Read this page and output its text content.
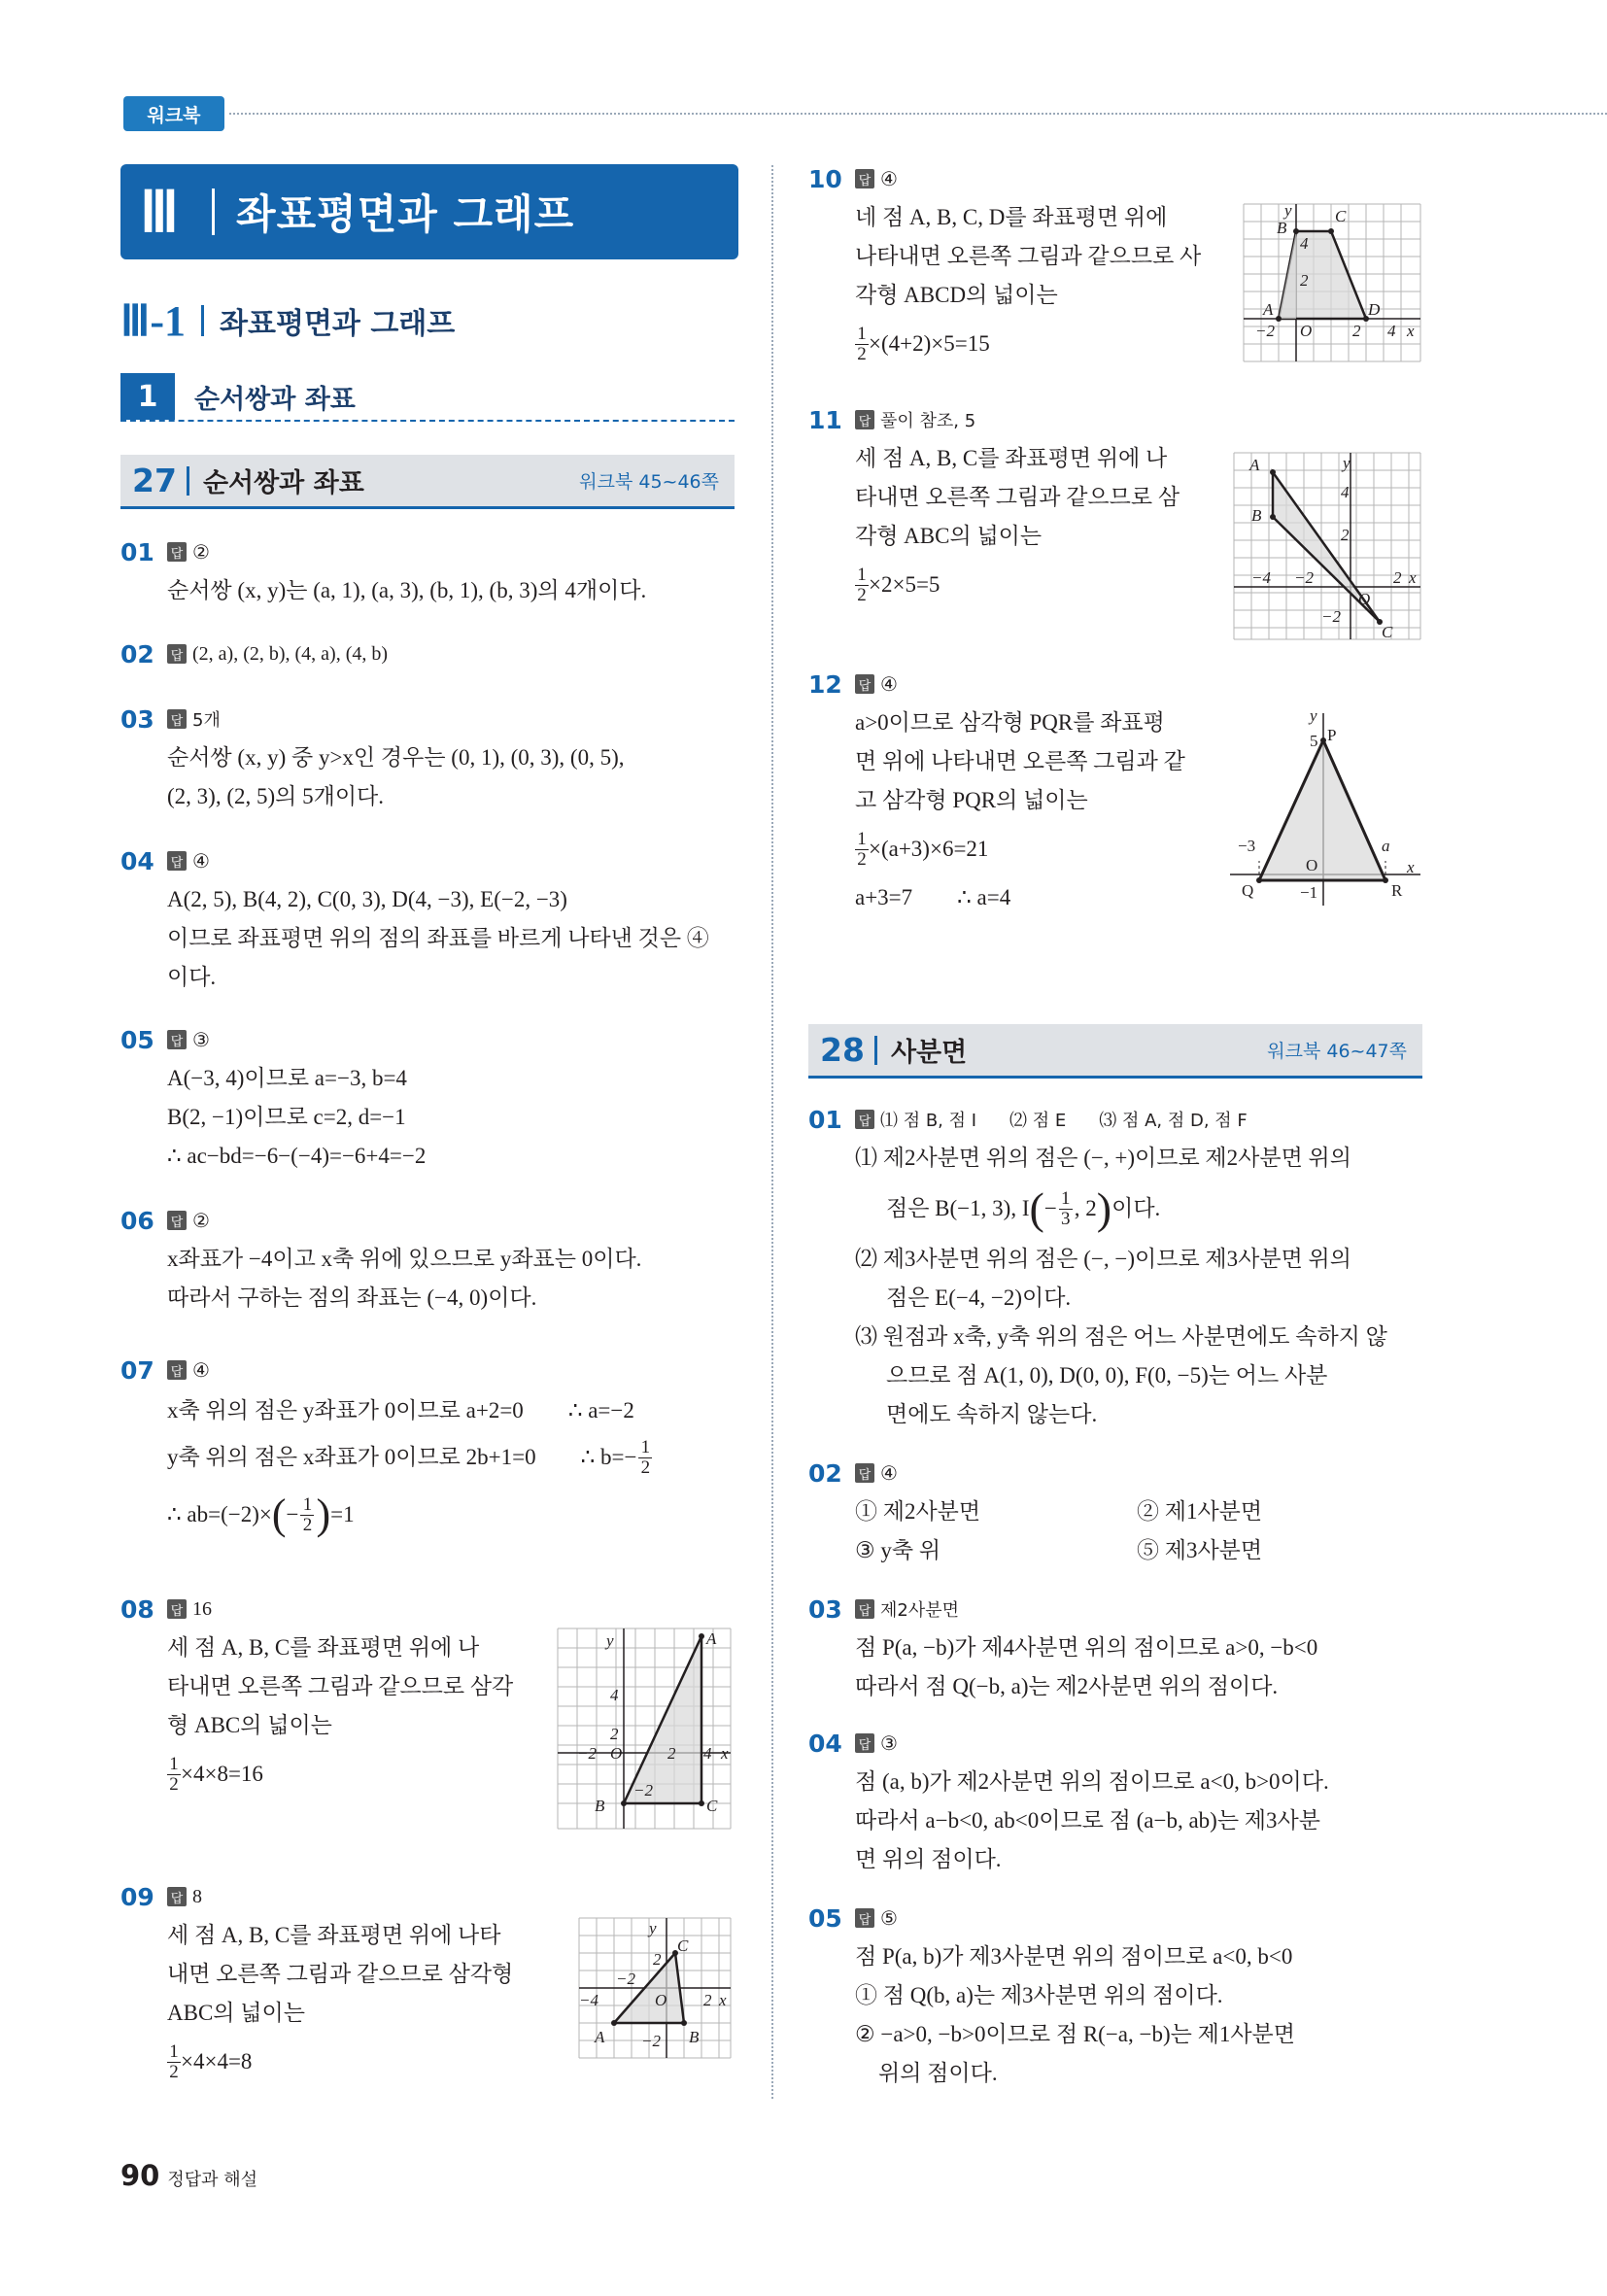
워크북
Ⅲ	좌표평면과 그래프
Ⅲ-1 좌표평면과 그래프
1	순서쌍과 좌표
27 순서쌍과 좌표	워크북 45~46쪽
01	답 ②
순서쌍 (x, y)는 (a, 1), (a, 3), (b, 1), (b, 3)의 4개이다.
02	답 (2, a), (2, b), (4, a), (4, b)
03	답 5개
순서쌍 (x, y) 중 y>x인 경우는 (0, 1), (0, 3), (0, 5),
(2, 3), (2, 5)의 5개이다.
04	답 ④
A(2, 5), B(4, 2), C(0, 3), D(4, −3), E(−2, −3)
이므로 좌표평면 위의 점의 좌표를 바르게 나타낸 것은 ④
이다.
05	답 ③
A(−3, 4)이므로 a=−3, b=4
B(2, −1)이므로 c=2, d=−1
∴ ac−bd=−6−(−4)=−6+4=−2
06	답 ②
x좌표가 −4이고 x축 위에 있으므로 y좌표는 0이다.
따라서 구하는 점의 좌표는 (−4, 0)이다.
07	답 ④
x축 위의 점은 y좌표가 0이므로 a+2=0 ∴ a=−2
y축 위의 점은 x좌표가 0이므로 2b+1=0 ∴ b=− 1
2
∴ ab=(−2)× ( − 1
2 ) =1
08	답 16
세 점 A, B, C를 좌표평면 위에 나
타내면 오른쪽 그림과 같으므로 삼각
형 ABC의 넓이는
1
2 ×4×8=16
09	답 8
세 점 A, B, C를 좌표평면 위에 나타
내면 오른쪽 그림과 같으므로 삼각형
ABC의 넓이는
1
2 ×4×4=8
y	A
4
2
−2 O	2 4 x
−2
B	C
y
C
2
−2
−4	O 2 x
−2
A	B
10	답 ④
네 점 A, B, C, D를 좌표평면 위에
나타내면 오른쪽 그림과 같으므로 사
각형 ABCD의 넓이는
1
2 ×(4+2)×5=15
11	답 풀이 참조, 5
세 점 A, B, C를 좌표평면 위에 나
타내면 오른쪽 그림과 같으므로 삼
각형 ABC의 넓이는
1
2 ×2×5=5
12	답 ④
a>0이므로 삼각형 PQR를 좌표평
면 위에 나타내면 오른쪽 그림과 같
고 삼각형 PQR의 넓이는
1
2 ×(a+3)×6=21
a+3=7 ∴ a=4
y
B
C
4
2
A	D
−2 O 2 4 x
A	y
4
B
2
−4 −2
O
2 x
−2
C
y
5 P
−3	a
O	x
Q	−1	R
28 사분면	워크북 46~47쪽
01	답 ⑴ 점 B, 점 I ⑵ 점 E ⑶ 점 A, 점 D, 점 F
⑴ 제2사분면 위의 점은 (−, +)이므로 제2사분면 위의
점은 B(−1, 3), I ( − 1
3 , 2 ) 이다.
⑵ 제3사분면 위의 점은 (−, −)이므로 제3사분면 위의
점은 E(−4, −2)이다.
⑶ 원점과 x축, y축 위의 점은 어느 사분면에도 속하지 않
으므로 점 A(1, 0), D(0, 0), F(0, −5)는 어느 사분
면에도 속하지 않는다.
02	답 ④
① 제2사분면	② 제1사분면
③ y축 위	⑤ 제3사분면
03	답 제2사분면
점 P(a, −b)가 제4사분면 위의 점이므로 a>0, −b<0
따라서 점 Q(−b, a)는 제2사분면 위의 점이다.
04	답 ③
점 (a, b)가 제2사분면 위의 점이므로 a<0, b>0이다.
따라서 a−b<0, ab<0이므로 점 (a−b, ab)는 제3사분
면 위의 점이다.
05	답 ⑤
점 P(a, b)가 제3사분면 위의 점이므로 a<0, b<0
① 점 Q(b, a)는 제3사분면 위의 점이다.
② −a>0, −b>0이므로 점 R(−a, −b)는 제1사분면
위의 점이다.
90 정답과 해설
